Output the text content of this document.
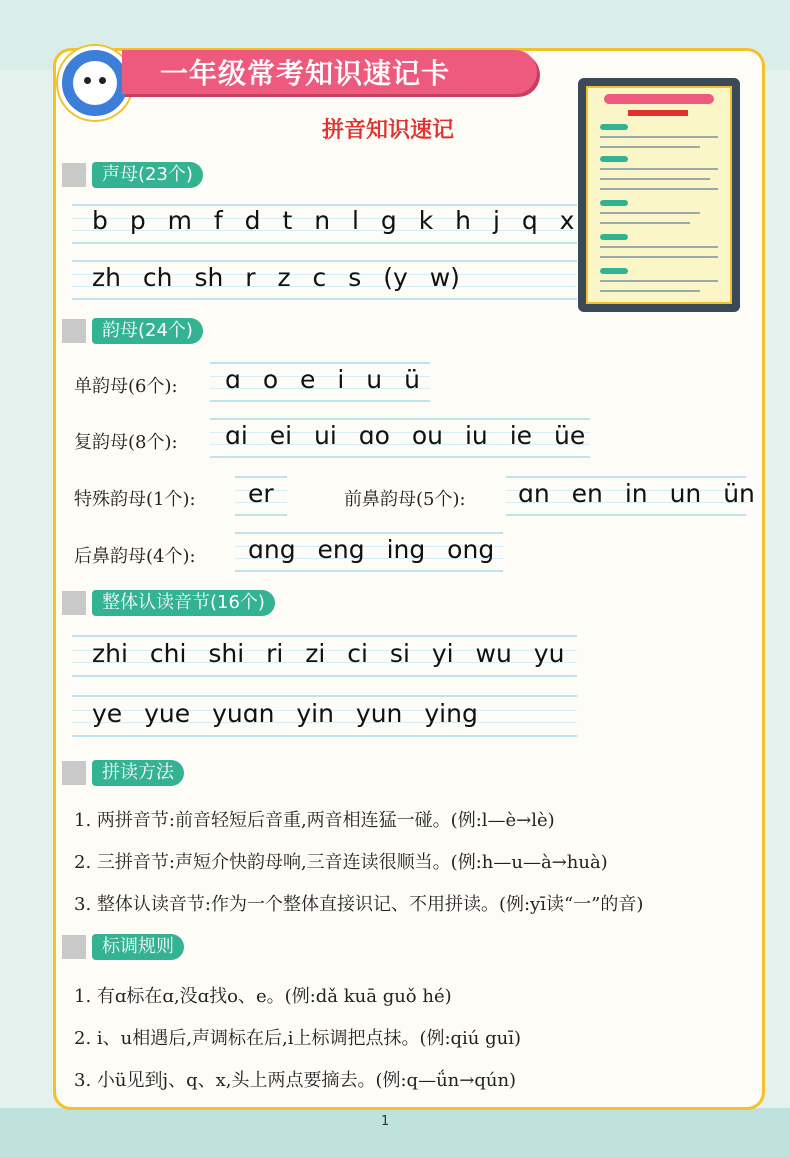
一年级常考知识速记卡
拼音知识速记
声母(23个)
b p m f d t n l g k h j q x
zh ch sh r z c s (y w)
韵母(24个)
单韵母(6个): ɑ o e i u ü
复韵母(8个): ɑi ei ui ɑo ou iu ie üe
特殊韵母(1个): er	前鼻韵母(5个): ɑn en in un ün
后鼻韵母(4个): ɑng eng ing ong
整体认读音节(16个)
zhi chi shi ri zi ci si yi wu yu
ye yue yuɑn yin yun ying
拼读方法
1. 两拼音节:前音轻短后音重,两音相连猛一碰。(例:l—è→lè)
2. 三拼音节:声短介快韵母响,三音连读很顺当。(例:h—u—à→huà)
3. 整体认读音节:作为一个整体直接识记、不用拼读。(例:yī读“一”的音)
标调规则
1. 有ɑ标在ɑ,没ɑ找o、e。(例:dǎ kuā guǒ hé)
2. i、u相遇后,声调标在后,i上标调把点抹。(例:qiú guī)
3. 小ü见到j、q、x,头上两点要摘去。(例:q—ǘn→qún)
1
